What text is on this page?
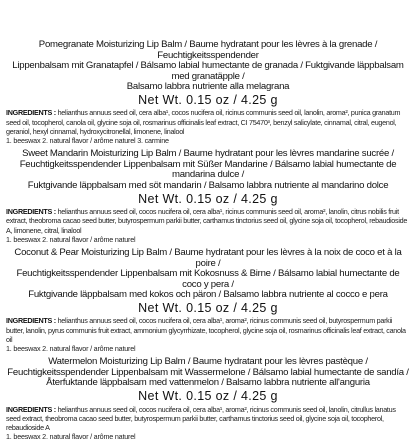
Pomegranate Moisturizing Lip Balm / Baume hydratant pour les lèvres à la grenade / Feuchtigkeitsspendender
Lippenbalsam mit Granatapfel / Bálsamo labial humectante de granada / Fuktgivande läppbalsam med granatäpple /
Balsamo labbra nutriente alla melagrana
Net Wt. 0.15 oz / 4.25 g
INGREDIENTS : helianthus annuus seed oil, cera alba¹, cocos nucifera oil, ricinus communis seed oil, lanolin, aroma², punica granatum seed oil, tocopherol, canola oil, glycine soja oil, rosmarinus officinalis leaf extract, CI 75470³, benzyl salicylate, cinnamal, citral, eugenol, geraniol, hexyl cinnamal, hydroxycitronellal, limonene, linalool
1. beeswax 2. natural flavor / arôme naturel 3. carmine
Sweet Mandarin Moisturizing Lip Balm / Baume hydratant pour les lèvres mandarine sucrée /
Feuchtigkeitsspendender Lippenbalsam mit Süßer Mandarine / Bálsamo labial humectante de mandarina dulce /
Fuktgivande läppbalsam med söt mandarin / Balsamo labbra nutriente al mandarino dolce
Net Wt. 0.15 oz / 4.25 g
INGREDIENTS : helianthus annuus seed oil, cocos nucifera oil, cera alba¹, ricinus communis seed oil, aroma², lanolin, citrus nobilis fruit extract, theobroma cacao seed butter, butyrospermum parkii butter, carthamus tinctorius seed oil, glycine soja oil, tocopherol, rebaudioside A, limonene, citral, linalool
1. beeswax 2. natural flavor / arôme naturel
Coconut & Pear Moisturizing Lip Balm / Baume hydratant pour les lèvres à la noix de coco et à la poire /
Feuchtigkeitsspendender Lippenbalsam mit Kokosnuss & Birne / Bálsamo labial humectante de coco y pera /
Fuktgivande läppbalsam med kokos och päron / Balsamo labbra nutriente al cocco e pera
Net Wt. 0.15 oz / 4.25 g
INGREDIENTS : helianthus annuus seed oil, cocos nucifera oil, cera alba¹, aroma², ricinus communis seed oil, butyrospermum parkii butter, lanolin, pyrus communis fruit extract, ammonium glycyrrhizate, tocopherol, glycine soja oil, rosmarinus officinalis leaf extract, canola oil
1. beeswax 2. natural flavor / arôme naturel
Watermelon Moisturizing Lip Balm / Baume hydratant pour les lèvres pastèque /
Feuchtigkeitsspendender Lippenbalsam mit Wassermelone / Bálsamo labial humectante de sandía /
Återfuktande läppbalsam med vattenmelon / Balsamo labbra nutriente all'anguria
Net Wt. 0.15 oz / 4.25 g
INGREDIENTS : helianthus annuus seed oil, cocos nucifera oil, cera alba¹, aroma², ricinus communis seed oil, lanolin, citrullus lanatus seed extract, theobroma cacao seed butter, butyrospermum parkii butter, carthamus tinctorius seed oil, glycine soja oil, tocopherol, rebaudioside A
1. beeswax 2. natural flavor / arôme naturel
